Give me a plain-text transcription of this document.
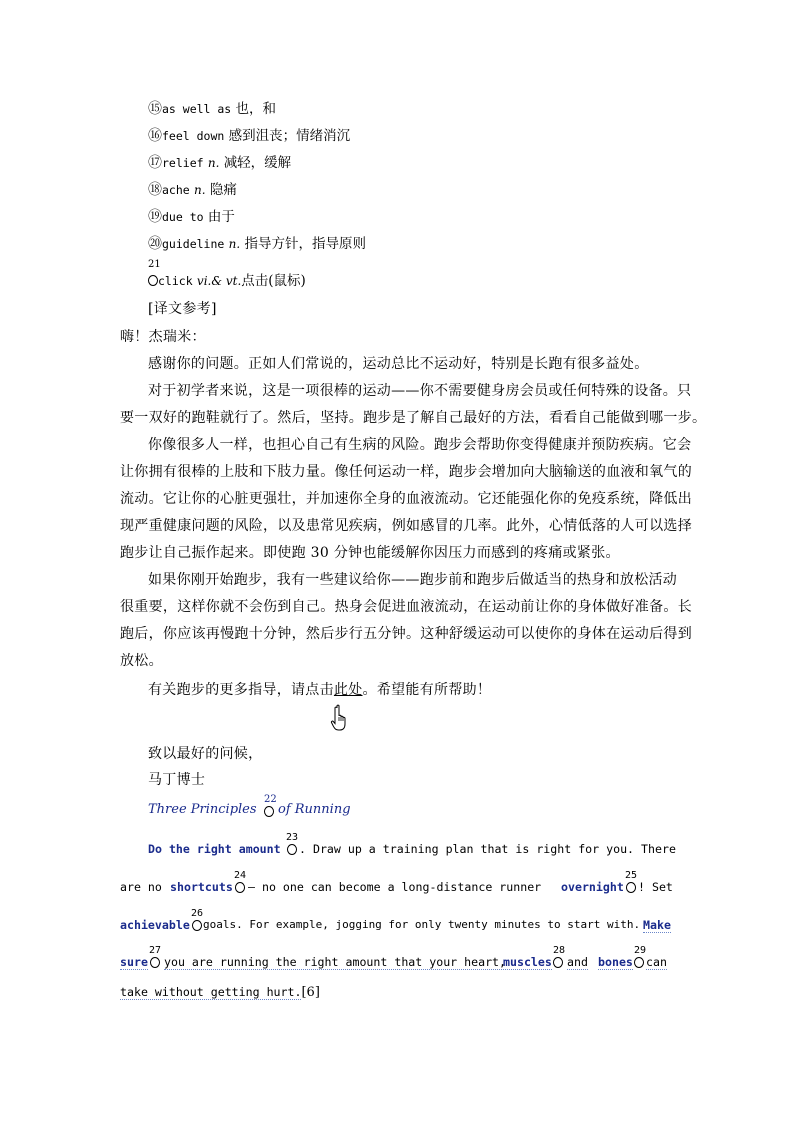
⑮as well as 也，和
⑯feel down 感到沮丧；情绪消沉
⑰relief n. 减轻，缓解
⑱ache n. 隐痛
⑲due to 由于
⑳guideline n. 指导方针，指导原则
21
click vi.& vt.点击(鼠标)
[译文参考]
嗨！杰瑞米：
感谢你的问题。正如人们常说的，运动总比不运动好，特别是长跑有很多益处。
对于初学者来说，这是一项很棒的运动——你不需要健身房会员或任何特殊的设备。只
要一双好的跑鞋就行了。然后，坚持。跑步是了解自己最好的方法，看看自己能做到哪一步。
你像很多人一样，也担心自己有生病的风险。跑步会帮助你变得健康并预防疾病。它会
让你拥有很棒的上肢和下肢力量。像任何运动一样，跑步会增加向大脑输送的血液和氧气的
流动。它让你的心脏更强壮，并加速你全身的血液流动。它还能强化你的免疫系统，降低出
现严重健康问题的风险，以及患常见疾病，例如感冒的几率。此外，心情低落的人可以选择
跑步让自己振作起来。即使跑 30 分钟也能缓解你因压力而感到的疼痛或紧张。
如果你刚开始跑步，我有一些建议给你——跑步前和跑步后做适当的热身和放松活动
很重要，这样你就不会伤到自己。热身会促进血液流动，在运动前让你的身体做好准备。长
跑后，你应该再慢跑十分钟，然后步行五分钟。这种舒缓运动可以使你的身体在运动后得到
放松。
有关跑步的更多指导，请点击此处。希望能有所帮助！
致以最好的问候，
马丁博士
Three Principles
22
of Running
Do the right amount
23
. Draw up a training plan that is right for you. There
are no shortcuts
24
— no one can become a long-distance runner overnight
25
! Set
achievable
26
goals. For example, jogging for only twenty minutes to start with. Make
sure
27
you are running the right amount that your heart,
muscles
28
and bones
29
can
take without getting hurt.[6]
